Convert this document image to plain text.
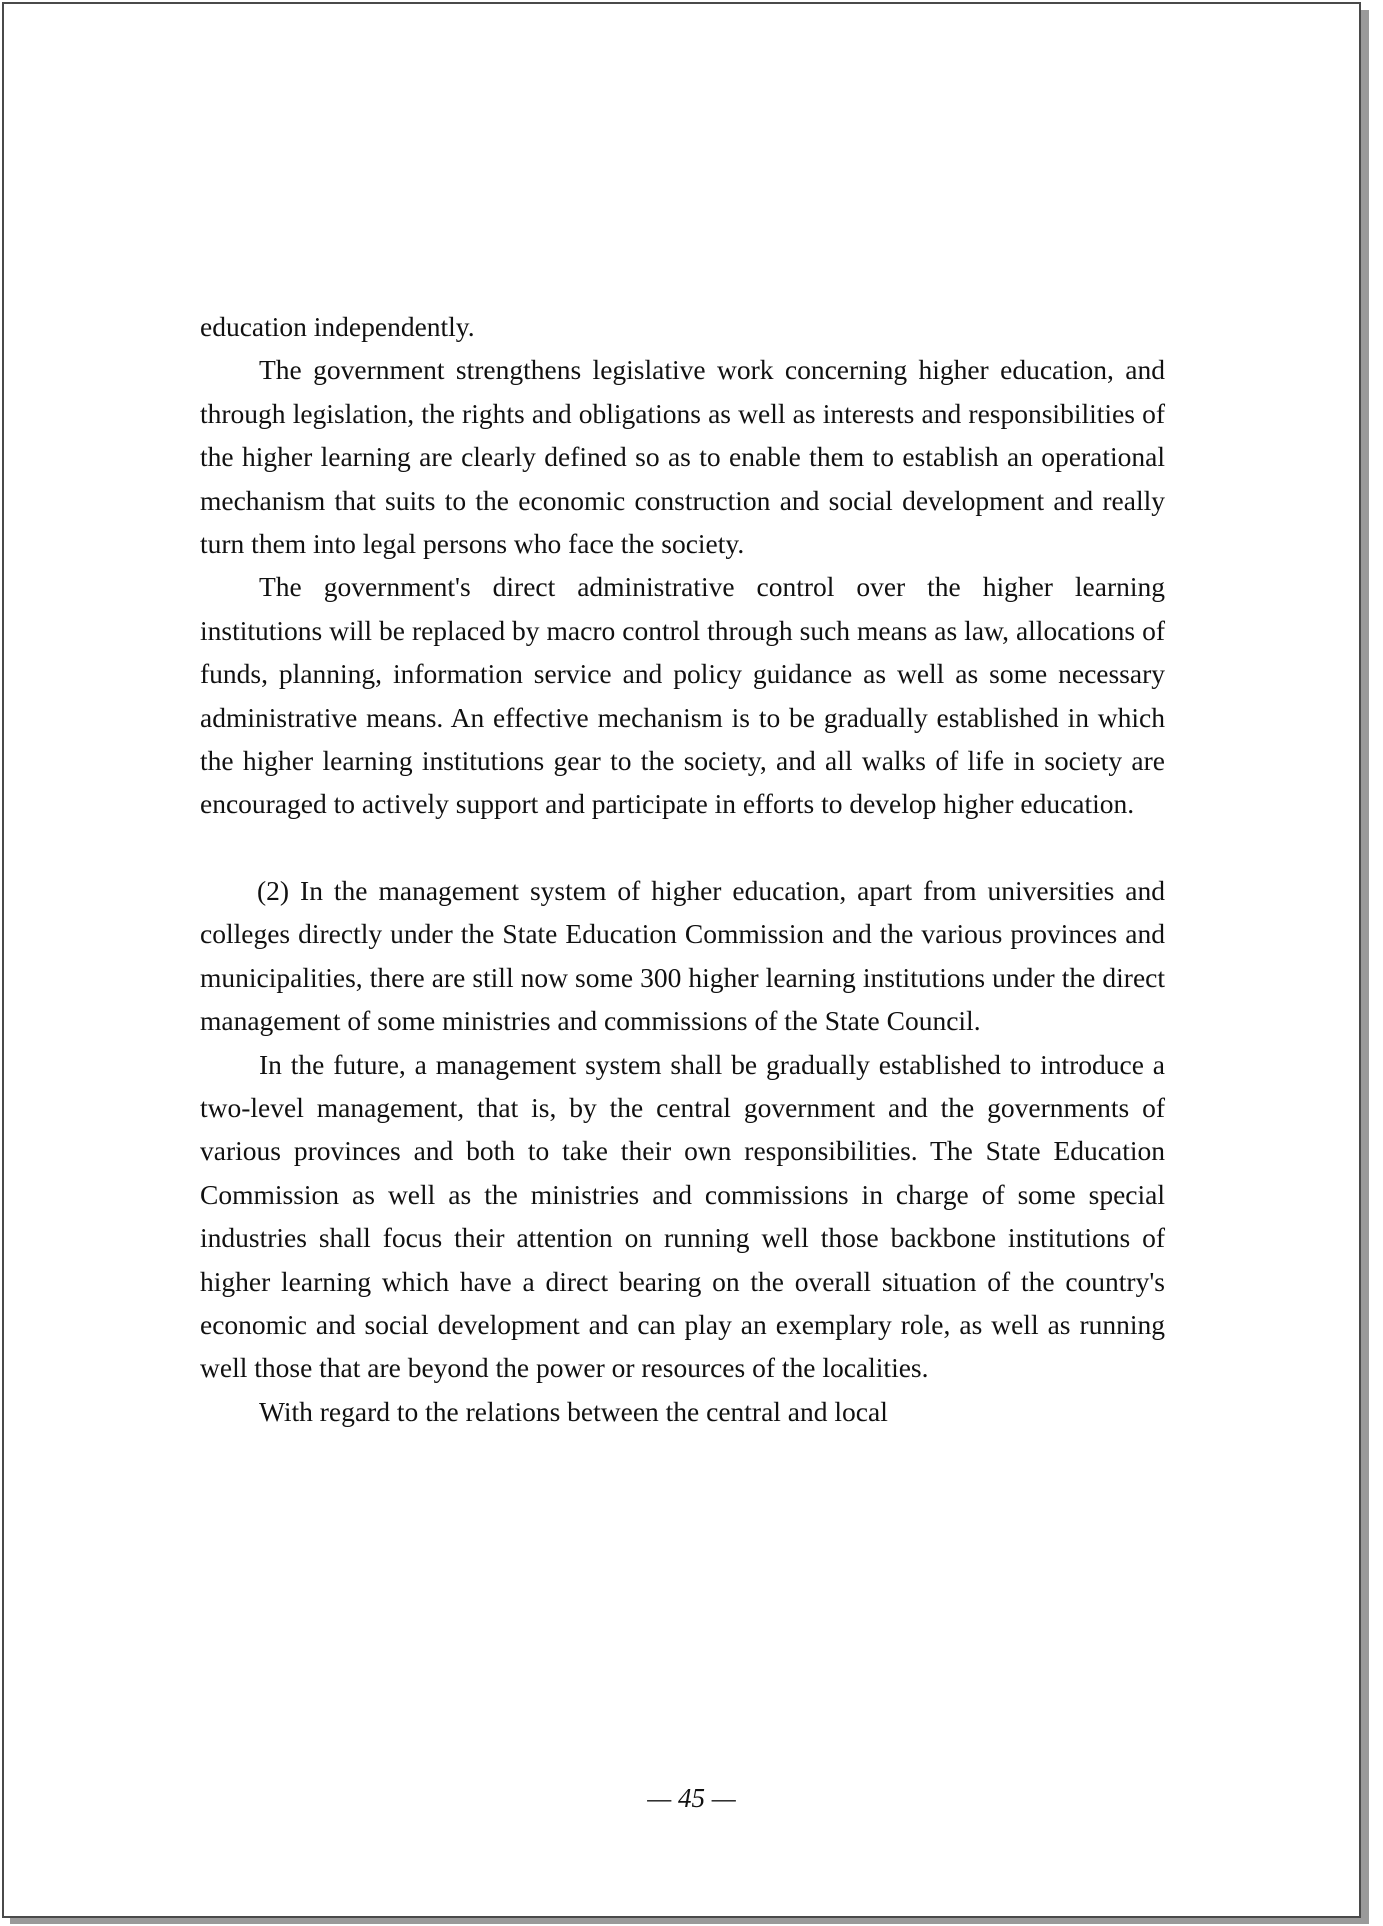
education independently.

The government strengthens legislative work concerning higher education, and through legislation, the rights and obligations as well as interests and responsibilities of the higher learning are clearly defined so as to enable them to establish an operational mechanism that suits to the economic construction and social development and really turn them into legal persons who face the society.

The government's direct administrative control over the higher learning institutions will be replaced by macro control through such means as law, allocations of funds, planning, information service and policy guidance as well as some necessary administrative means. An effective mechanism is to be gradually established in which the higher learning institutions gear to the society, and all walks of life in society are encouraged to actively support and participate in efforts to develop higher education.

(2) In the management system of higher education, apart from universities and colleges directly under the State Education Commission and the various provinces and municipalities, there are still now some 300 higher learning institutions under the direct management of some ministries and commissions of the State Council.

In the future, a management system shall be gradually established to introduce a two-level management, that is, by the central government and the governments of various provinces and both to take their own responsibilities. The State Education Commission as well as the ministries and commissions in charge of some special industries shall focus their attention on running well those backbone institutions of higher learning which have a direct bearing on the overall situation of the country's economic and social development and can play an exemplary role, as well as running well those that are beyond the power or resources of the localities.

With regard to the relations between the central and local

— 45 —
